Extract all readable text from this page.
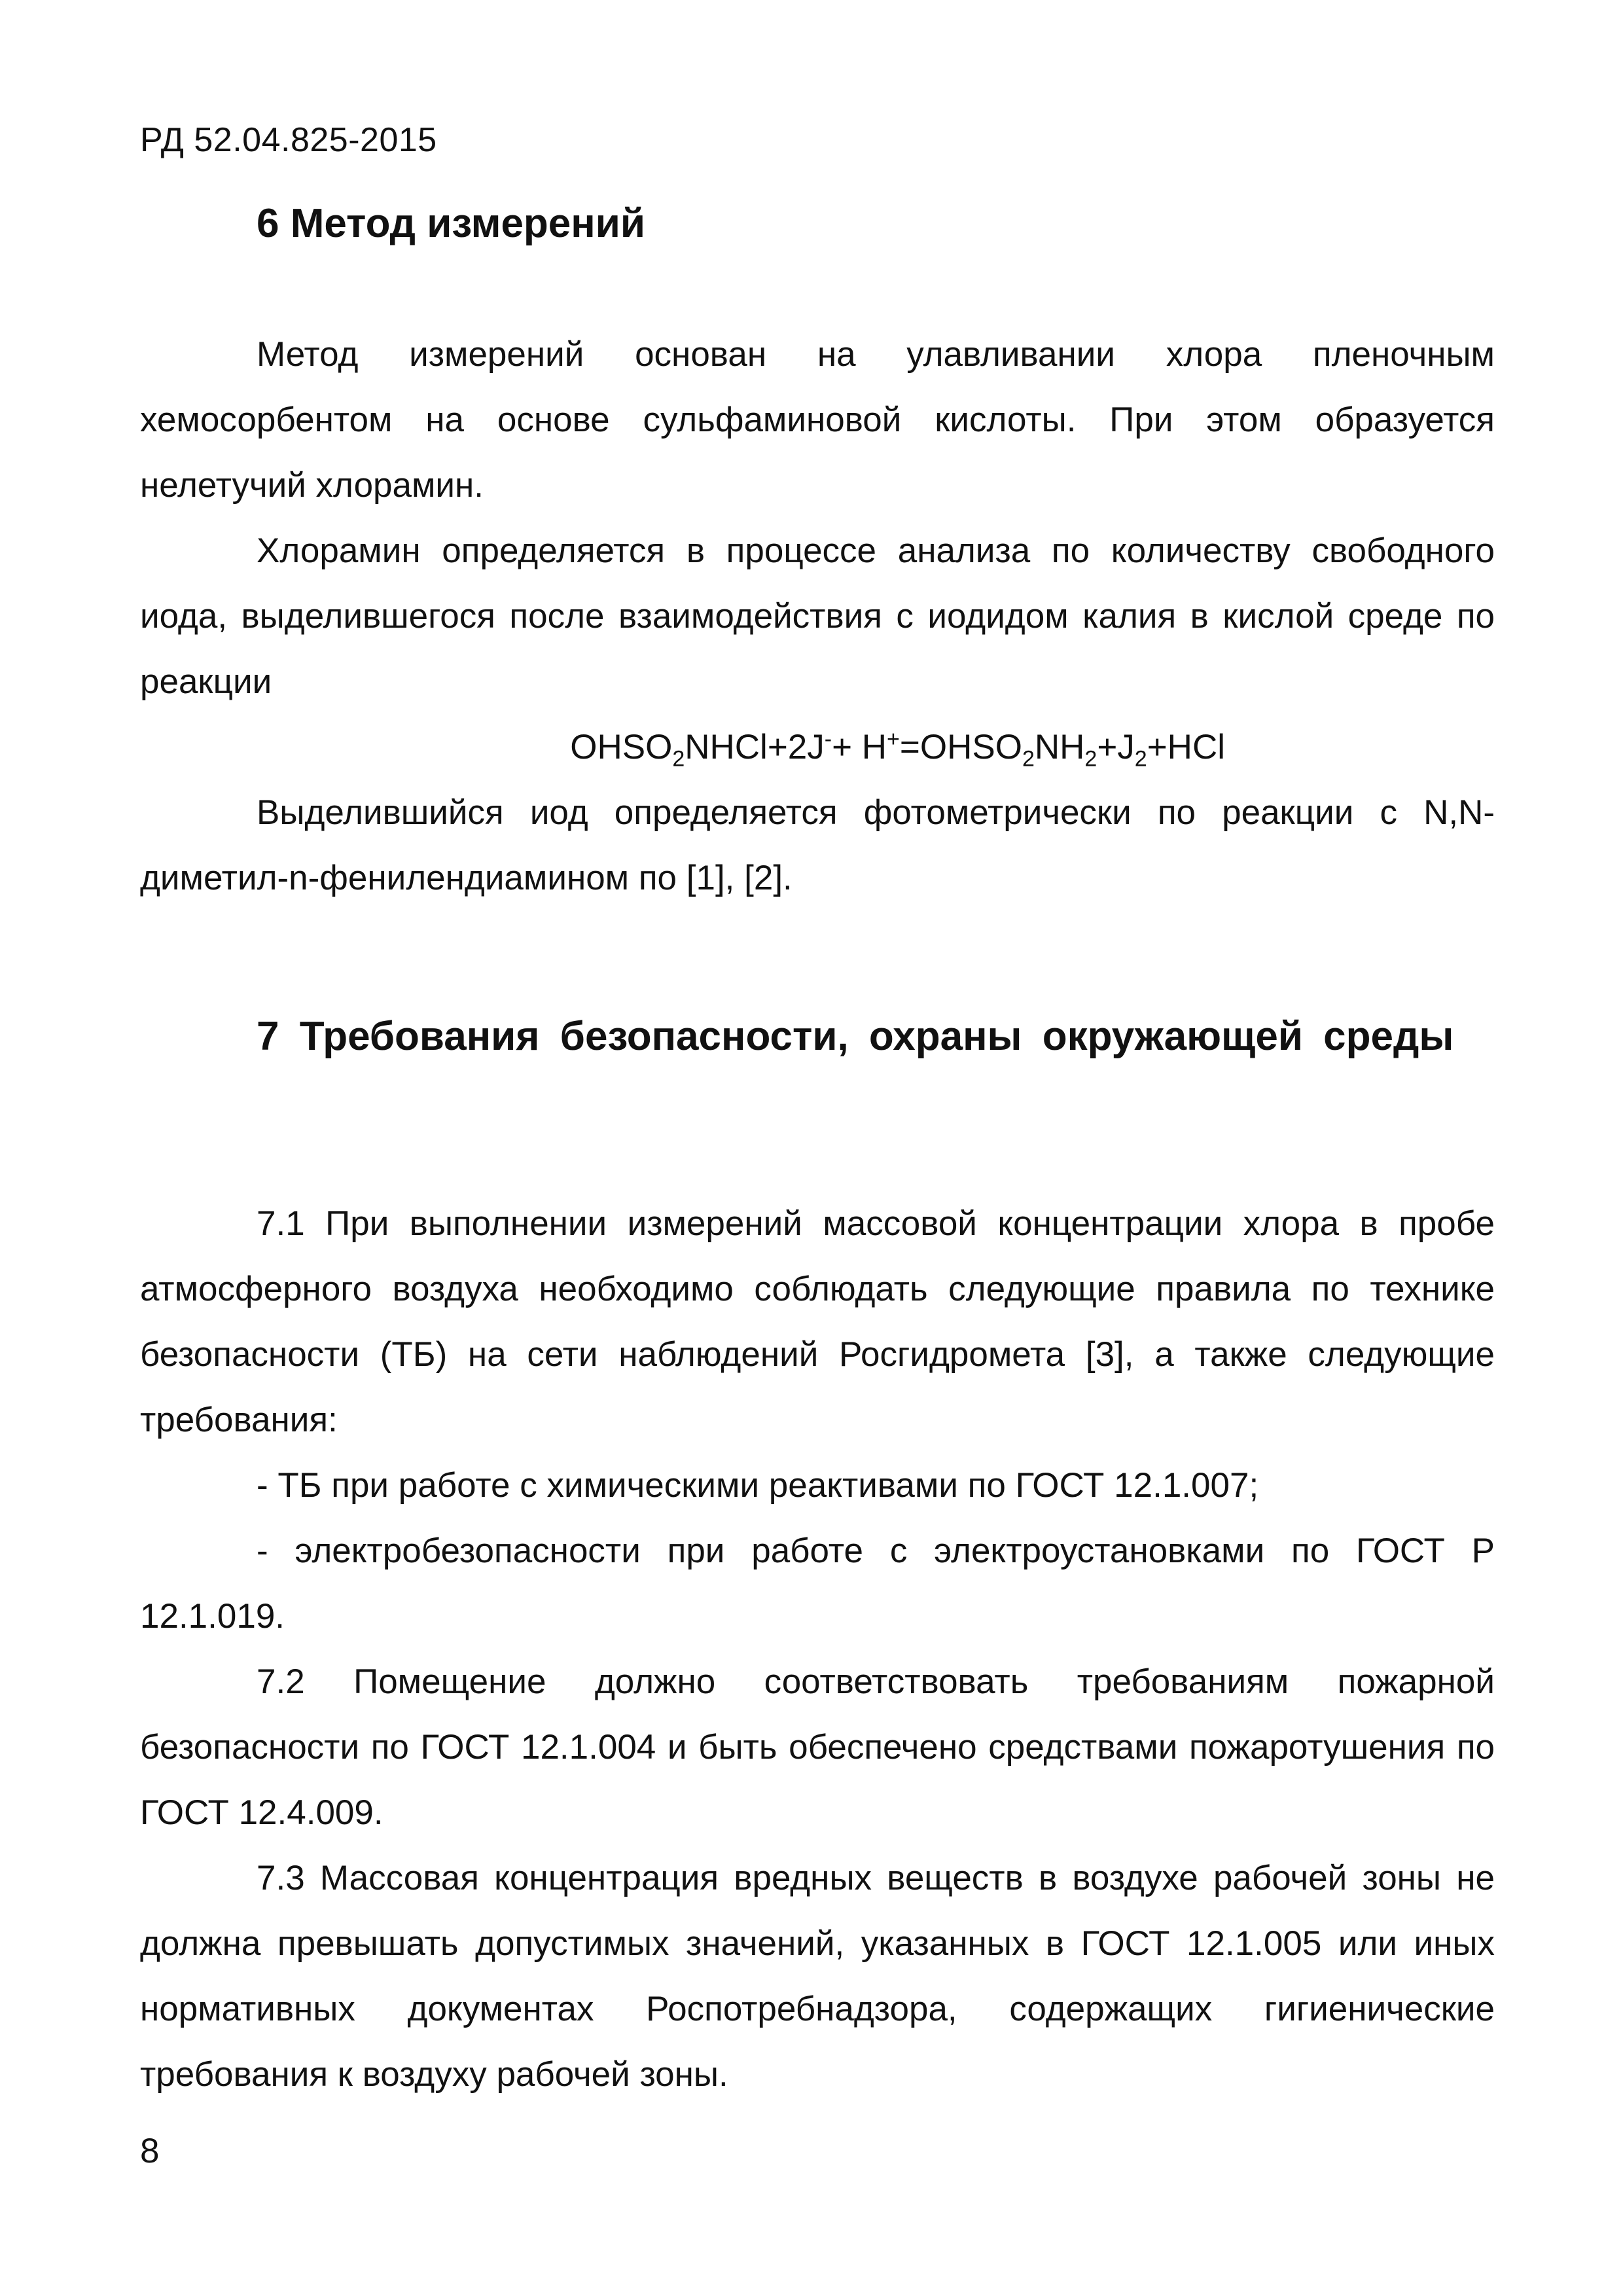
РД 52.04.825-2015
6 Метод измерений

Метод измерений основан на улавливании хлора пленочным хемосорбентом на основе сульфаминовой кислоты. При этом образуется нелетучий хлорамин.

Хлорамин определяется в процессе анализа по количеству свободного иода, выделившегося после взаимодействия с иодидом калия в кислой среде по реакции

$OHSO_2NHCl+2J^-+$ $H^+=OHSO_2NH_2+J_2+HCl$

Выделившийся иод определяется фотометрически по реакции с N,N-диметил-n-фенилендиамином по [1], [2].

7 Требования безопасности, охраны окружающей среды

7.1 При выполнении измерений массовой концентрации хлора в пробе атмосферного воздуха необходимо соблюдать следующие правила по технике безопасности (ТБ) на сети наблюдений Росгидромета [3], а также следующие требования:

- ТБ при работе с химическими реактивами по ГОСТ 12.1.007;

- электробезопасности при работе с электроустановками по ГОСТ Р 12.1.019.

7.2 Помещение должно соответствовать требованиям пожарной безопасности по ГОСТ 12.1.004 и быть обеспечено средствами пожаротушения по ГОСТ 12.4.009.

7.3 Массовая концентрация вредных веществ в воздухе рабочей зоны не должна превышать допустимых значений, указанных в ГОСТ 12.1.005 или иных нормативных документах Роспотребнадзора, содержащих гигиенические требования к воздуху рабочей зоны.

8
